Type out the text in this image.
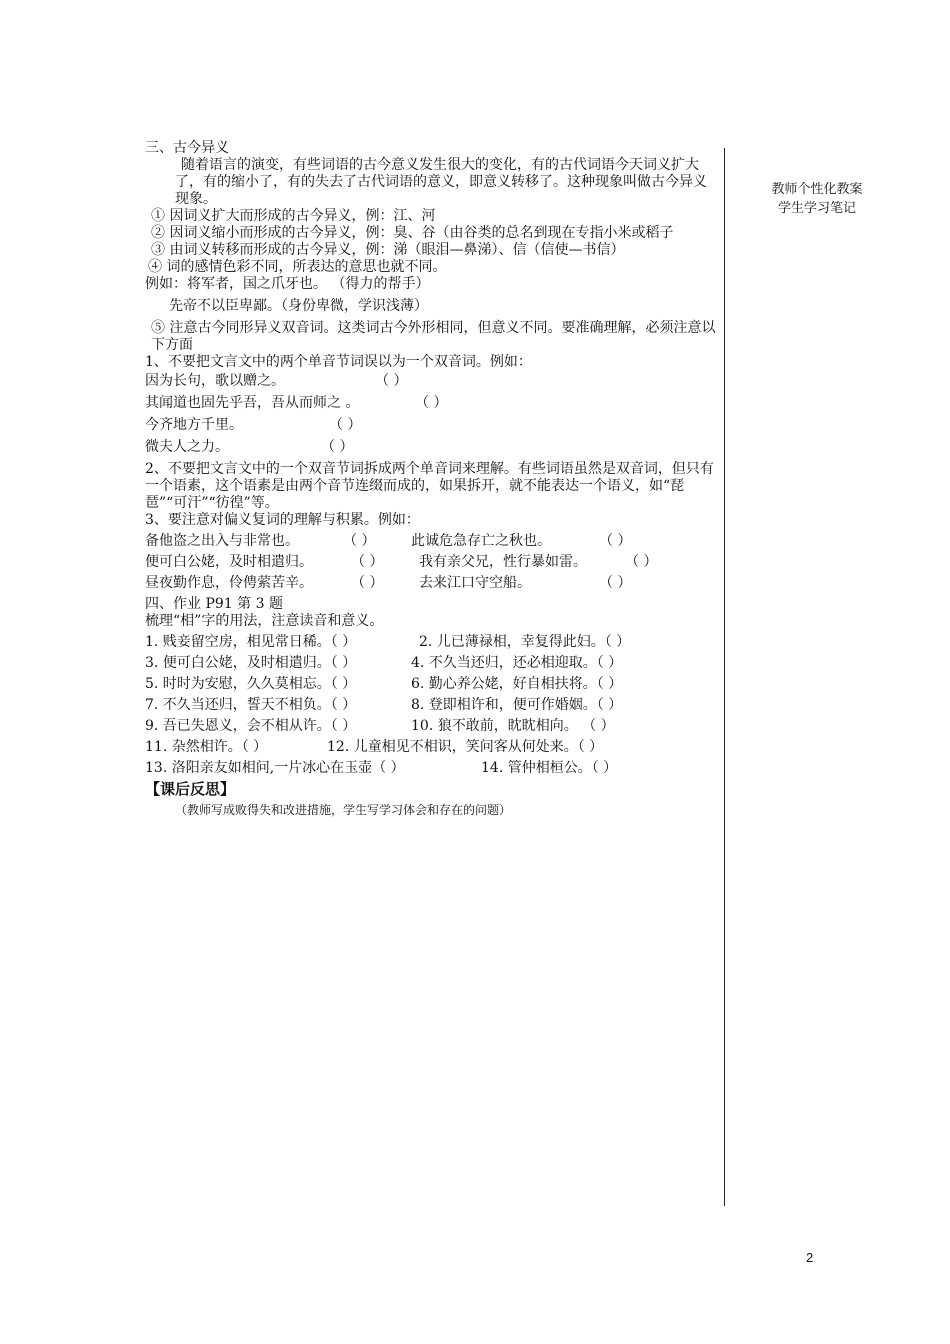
教师个性化教案
学生学习笔记
三、古今异义
随着语言的演变，有些词语的古今意义发生很大的变化，有的古代词语今天词义扩大了，有的缩小了，有的失去了古代词语的意义，即意义转移了。这种现象叫做古今异义现象。
① 因词义扩大而形成的古今异义，例：江、河
② 因词义缩小而形成的古今异义，例：臭、谷（由谷类的总名到现在专指小米或稻子
③ 由词义转移而形成的古今异义，例：涕（眼泪—鼻涕）、信（信使—书信）
④ 词的感情色彩不同，所表达的意思也就不同。
例如：将军者，国之爪牙也。 （得力的帮手）
先帝不以臣卑鄙。（身份卑微，学识浅薄）
⑤ 注意古今同形异义双音词。这类词古今外形相同，但意义不同。要准确理解，必须注意以下方面
1、不要把文言文中的两个单音节词误以为一个双音词。例如：
因为长句，歌以赠之。	（ ）
其闻道也固先乎吾，吾从而师之 。	（ ）
今齐地方千里。	（ ）
微夫人之力。	（ ）
2、不要把文言文中的一个双音节词拆成两个单音词来理解。有些词语虽然是双音词，但只有一个语素，这个语素是由两个音节连缀而成的，如果拆开，就不能表达一个语义，如“琵琶”“可汗”“彷徨”等。
3、要注意对偏义复词的理解与积累。例如：
备他盗之出入与非常也。	（ ）	此诚危急存亡之秋也。	（ ）
便可白公姥，及时相遣归。	（ ）	我有亲父兄，性行暴如雷。	（ ）
昼夜勤作息，伶俜萦苦辛。	（ ）	去来江口守空船。	（ ）
四、作业 P91 第 3 题
梳理“相”字的用法，注意读音和意义。
1. 贱妾留空房，相见常日稀。（ ）	2. 儿已薄禄相，幸复得此妇。（ ）
3. 便可白公姥，及时相遣归。（ ）	4. 不久当还归，还必相迎取。（ ）
5. 时时为安慰，久久莫相忘。（ ）	6. 勤心养公姥，好自相扶将。（ ）
7. 不久当还归，誓天不相负。（ ）	8. 登即相许和，便可作婚姻。（ ）
9. 吾已失恩义，会不相从许。（ ）	10. 狼不敢前，眈眈相向。 （ ）
11. 杂然相许。（ ）	12. 儿童相见不相识，笑问客从何处来。（ ）
13. 洛阳亲友如相问,一片冰心在玉壶（ ）	14. 管仲相桓公。（ ）
【课后反思】
（教师写成败得失和改进措施，学生写学习体会和存在的问题）
2
